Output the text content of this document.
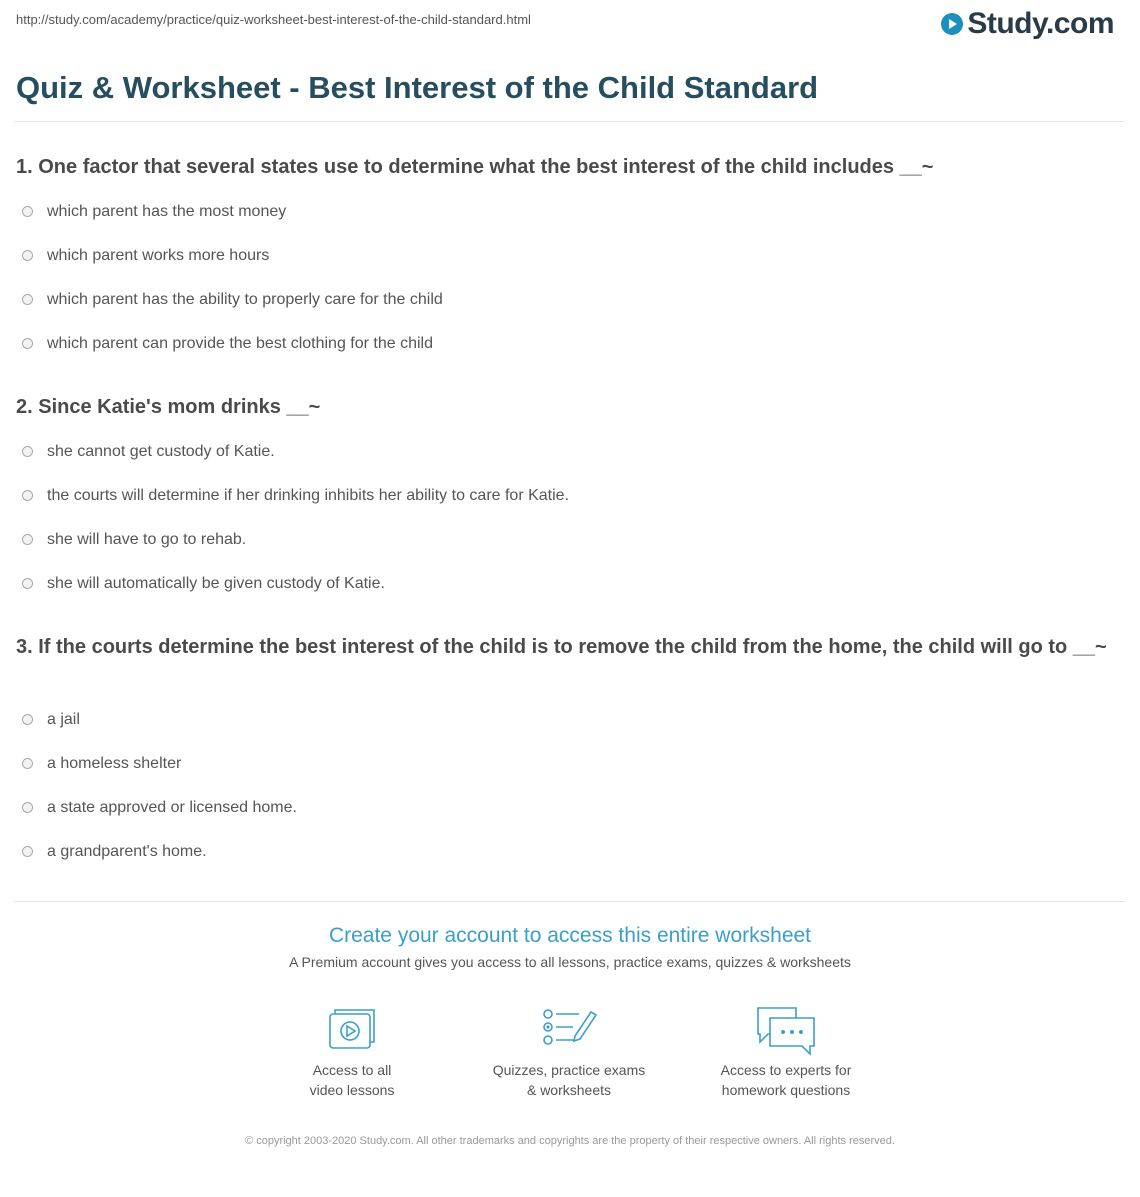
http://study.com/academy/practice/quiz-worksheet-best-interest-of-the-child-standard.html	Study.com
Quiz & Worksheet - Best Interest of the Child Standard

1. One factor that several states use to determine what the best interest of the child includes __~

which parent has the most money
which parent works more hours
which parent has the ability to properly care for the child
which parent can provide the best clothing for the child

2. Since Katie's mom drinks __~

she cannot get custody of Katie.
the courts will determine if her drinking inhibits her ability to care for Katie.
she will have to go to rehab.
she will automatically be given custody of Katie.

3. If the courts determine the best interest of the child is to remove the child from the home, the child will go to __~

a jail
a homeless shelter
a state approved or licensed home.
a grandparent's home.
Create your account to access this entire worksheet
A Premium account gives you access to all lessons, practice exams, quizzes & worksheets
Access to all
video lessons
Quizzes, practice exams
& worksheets
Access to experts for
homework questions
© copyright 2003-2020 Study.com. All other trademarks and copyrights are the property of their respective owners. All rights reserved.
